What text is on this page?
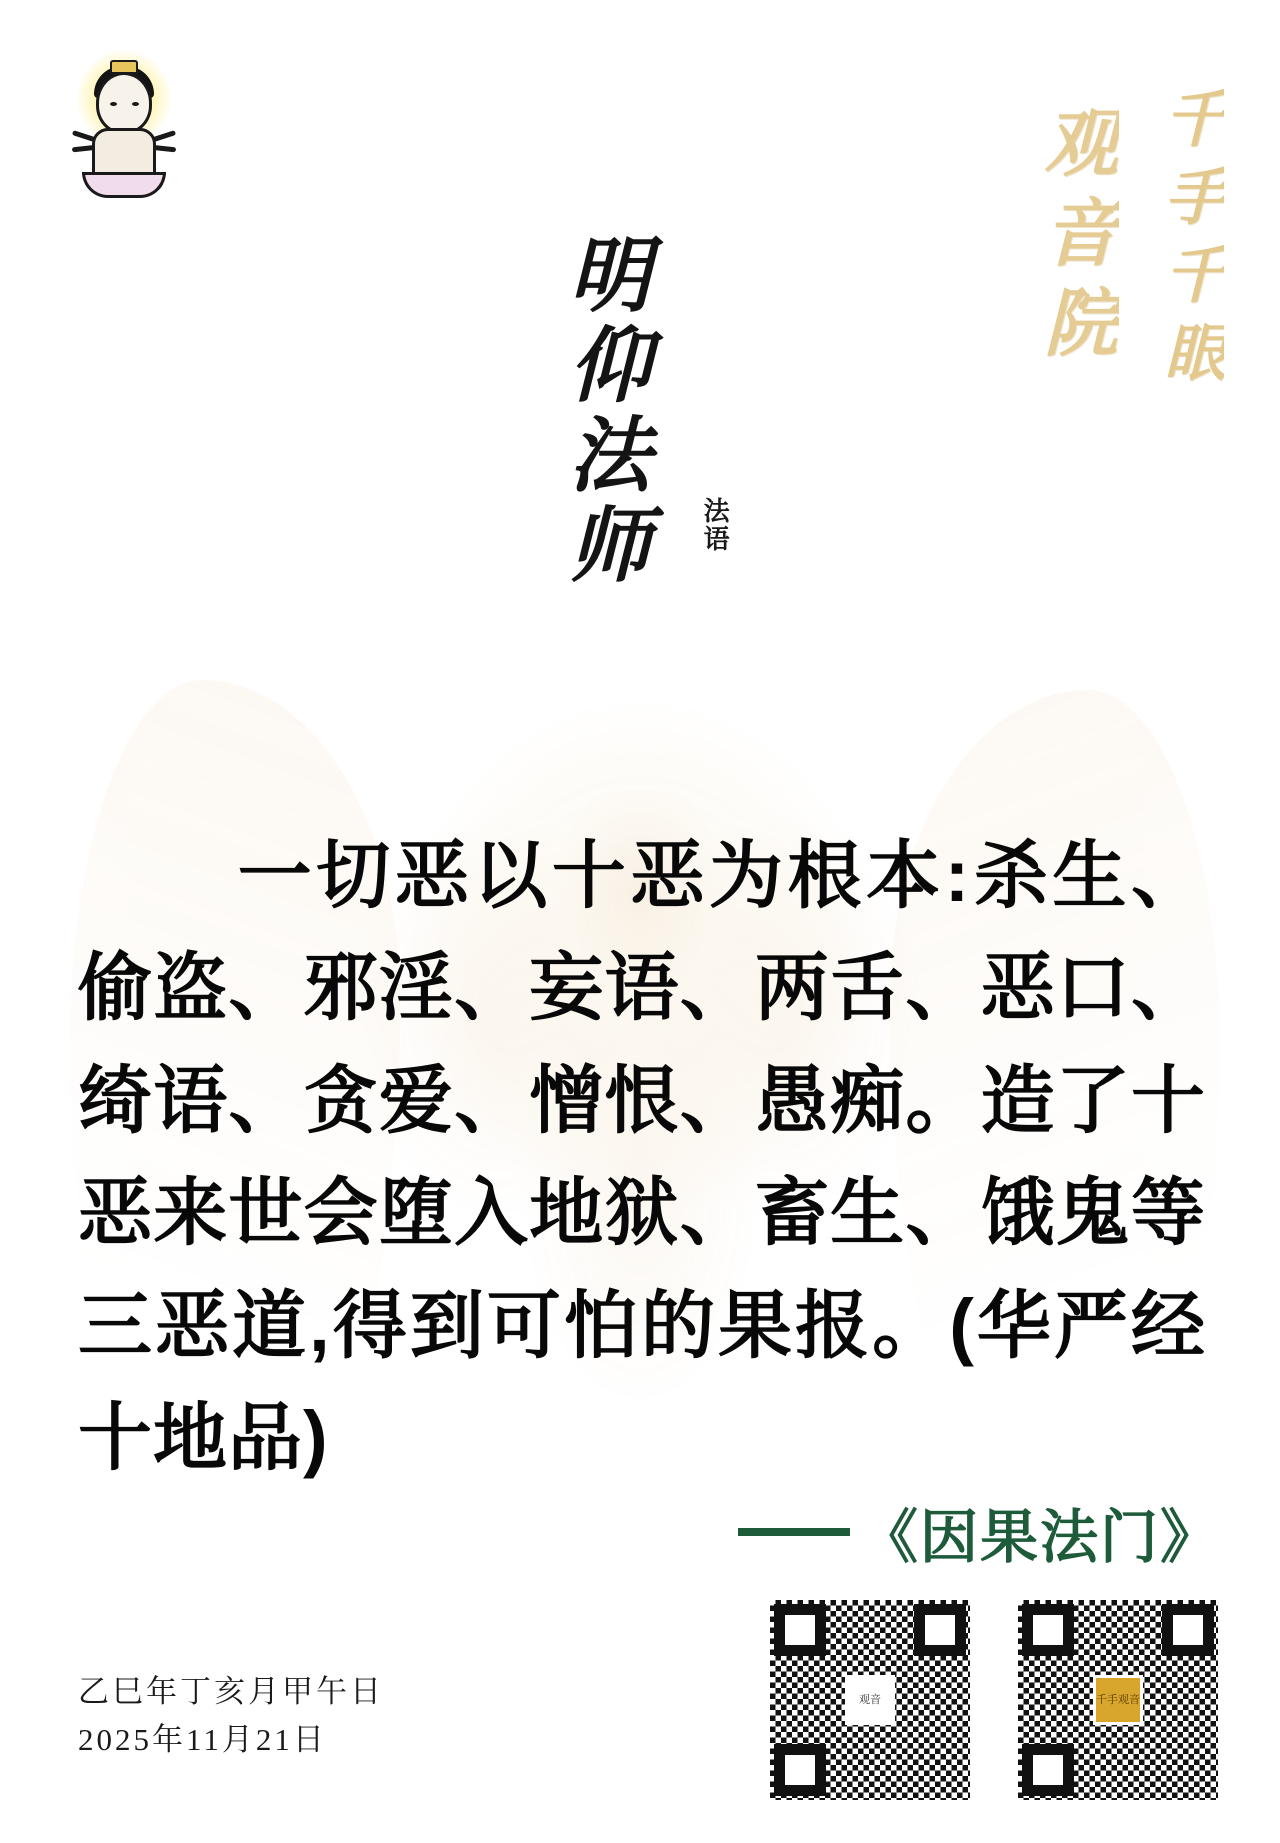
千手千眼
观音院
明仰法师 法语
一切恶以十恶为根本:杀生、偷盗、邪淫、妄语、两舌、恶口、绮语、贪爱、憎恨、愚痴。造了十恶来世会堕入地狱、畜生、饿鬼等三恶道,得到可怕的果报。(华严经十地品)
《因果法门》
乙巳年丁亥月甲午日
2025年11月21日
观音	千手观音
